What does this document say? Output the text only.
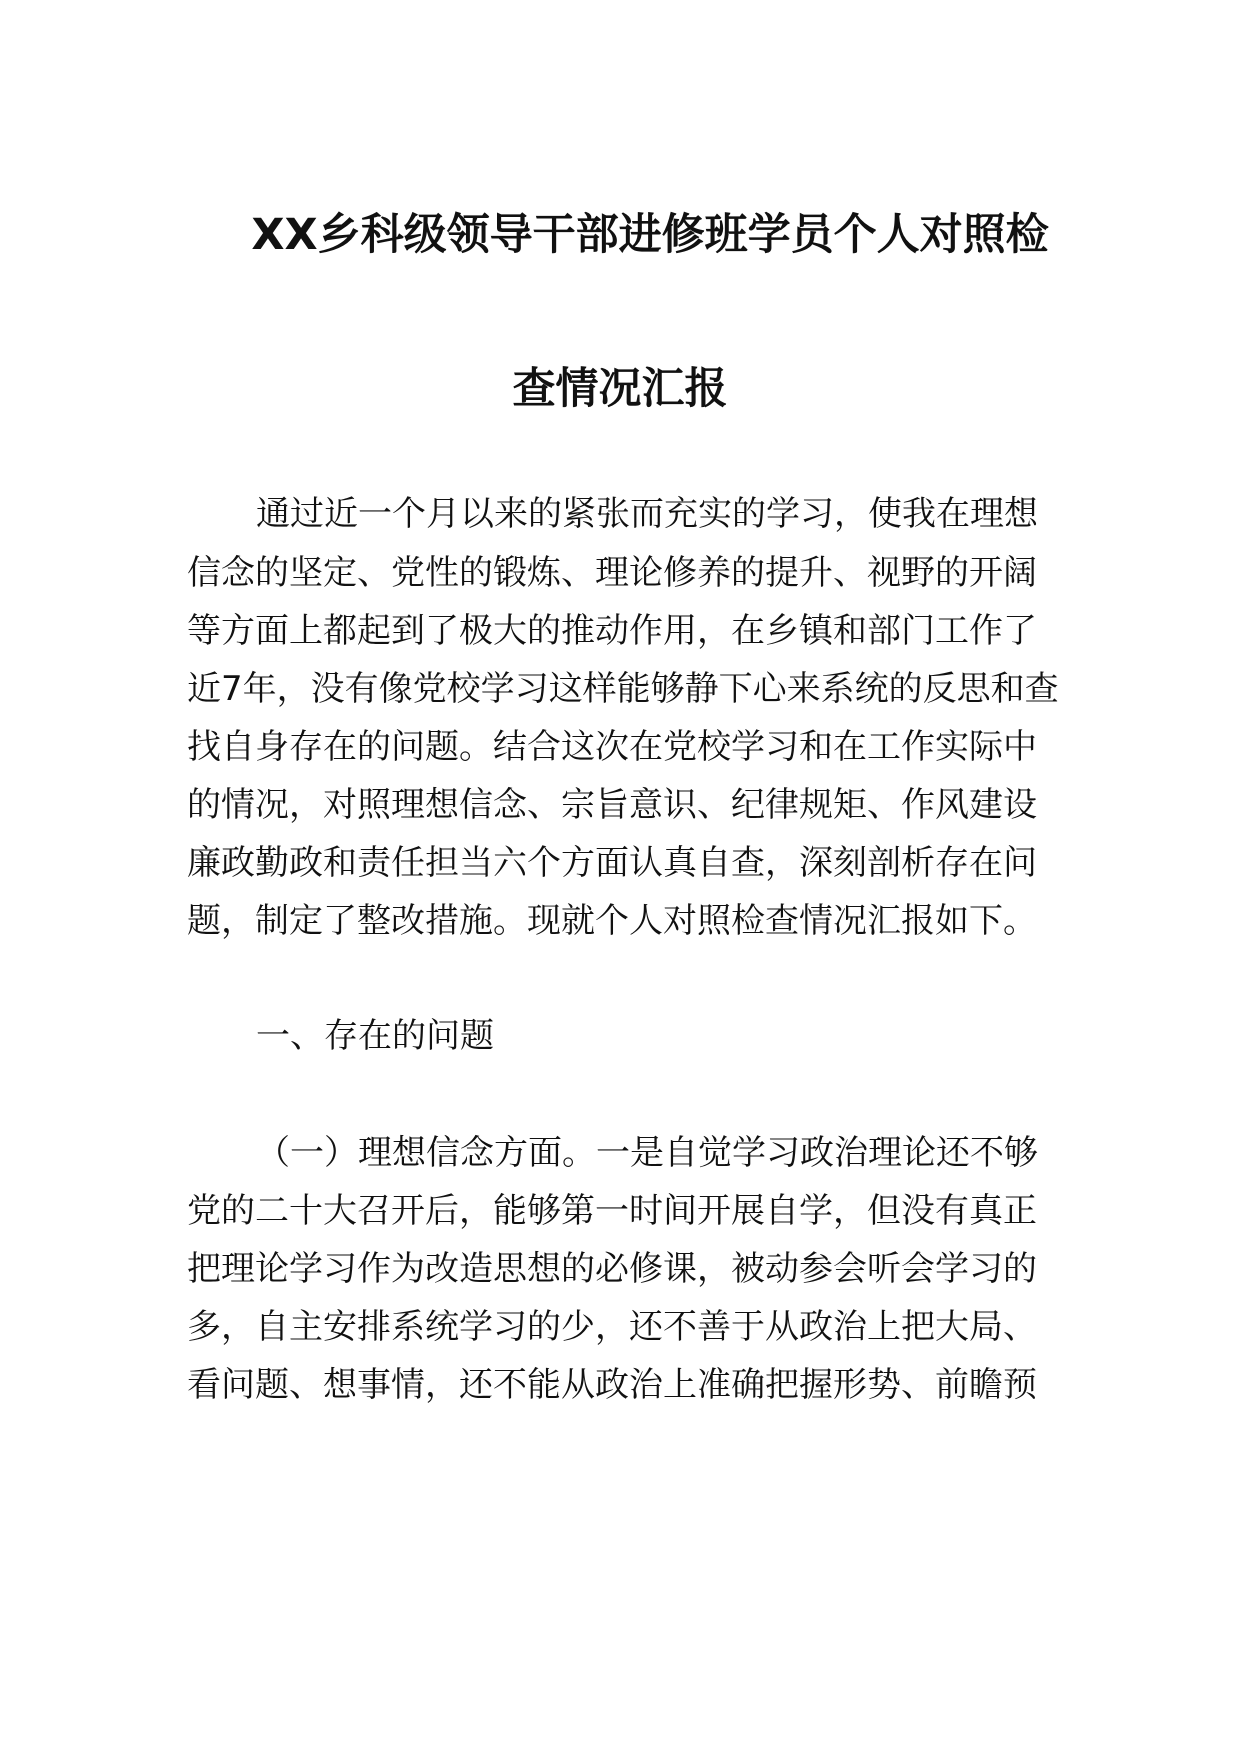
XX乡科级领导干部进修班学员个人对照检
查情况汇报
通过近一个月以来的紧张而充实的学习，使我在理想
信念的坚定、党性的锻炼、理论修养的提升、视野的开阔
等方面上都起到了极大的推动作用，在乡镇和部门工作了
近7年，没有像党校学习这样能够静下心来系统的反思和查
找自身存在的问题。结合这次在党校学习和在工作实际中
的情况，对照理想信念、宗旨意识、纪律规矩、作风建设
廉政勤政和责任担当六个方面认真自查，深刻剖析存在问
题，制定了整改措施。现就个人对照检查情况汇报如下。
一、存在的问题
（一）理想信念方面。一是自觉学习政治理论还不够
党的二十大召开后，能够第一时间开展自学，但没有真正
把理论学习作为改造思想的必修课，被动参会听会学习的
多，自主安排系统学习的少，还不善于从政治上把大局、
看问题、想事情，还不能从政治上准确把握形势、前瞻预
